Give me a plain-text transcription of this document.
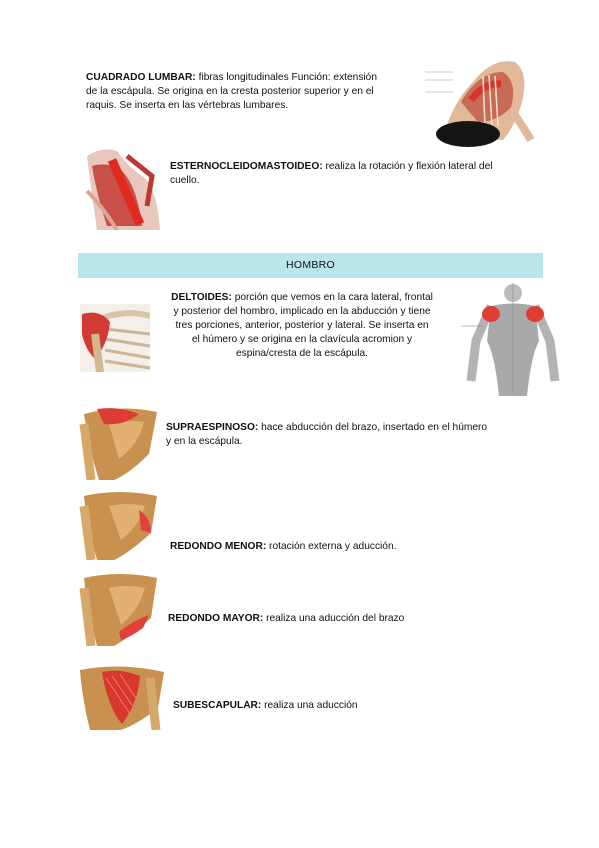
CUADRADO LUMBAR: fibras longitudinales Función: extensión
de la escápula. Se origina en la cresta posterior superior y en el
raquis. Se inserta en las vértebras lumbares.
ESTERNOCLEIDOMASTOIDEO: realiza la rotación y flexión lateral del
cuello.
HOMBRO
DELTOIDES: porción que vemos en la cara lateral, frontal
y posterior del hombro, implicado en la abducción y tiene
tres porciones, anterior, posterior y lateral. Se inserta en
el húmero y se origina en la clavícula acromion y
espina/cresta de la escápula.
SUPRAESPINOSO: hace abducción del brazo, insertado en el húmero
y en la escápula.
REDONDO MENOR: rotación externa y aducción.
REDONDO MAYOR: realiza una aducción del brazo
SUBESCAPULAR: realiza una aducción
